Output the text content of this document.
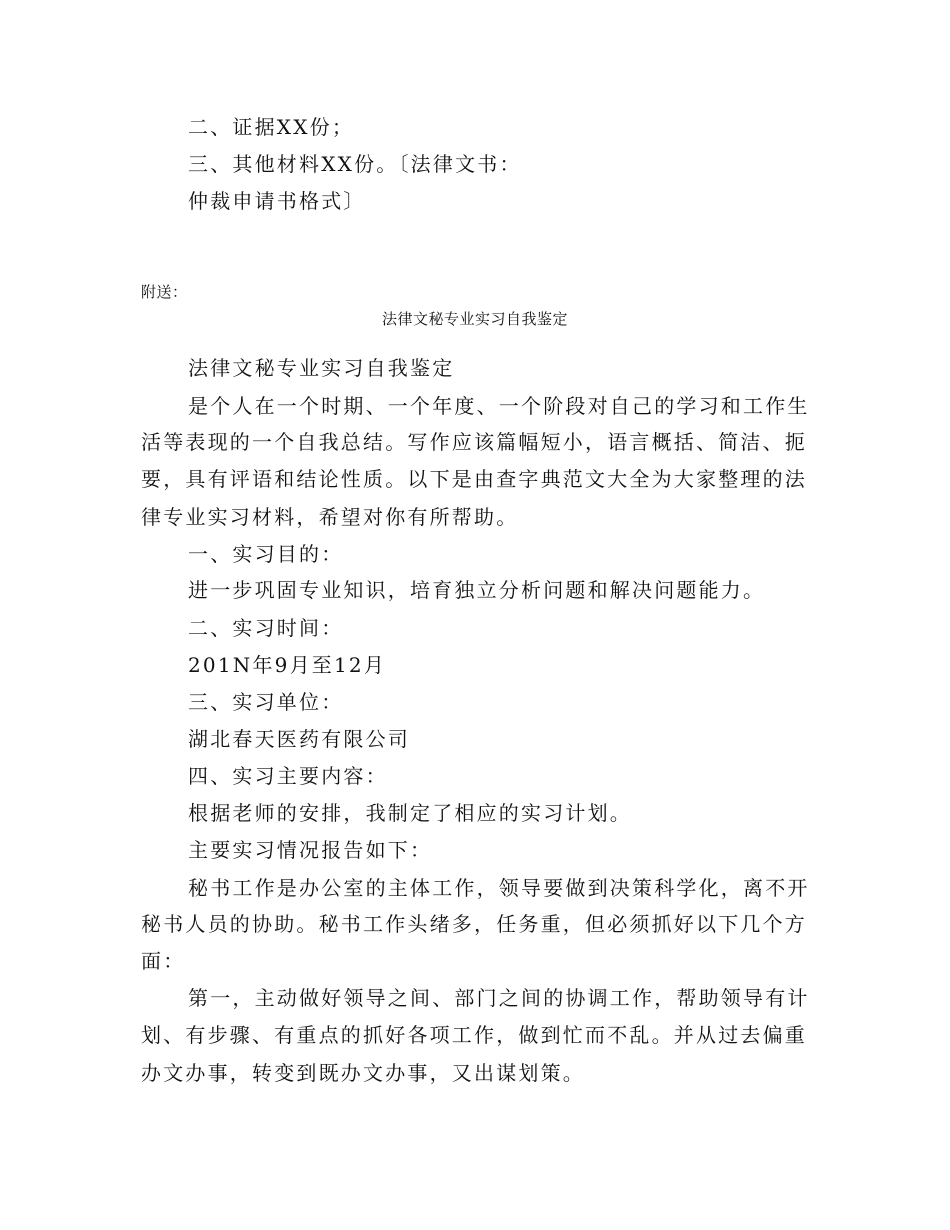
二、证据XX份；
三、其他材料XX份。〔法律文书：
仲裁申请书格式〕
附送：
法律文秘专业实习自我鉴定
法律文秘专业实习自我鉴定
是个人在一个时期、一个年度、一个阶段对自己的学习和工作生
活等表现的一个自我总结。写作应该篇幅短小，语言概括、简洁、扼
要，具有评语和结论性质。以下是由查字典范文大全为大家整理的法
律专业实习材料，希望对你有所帮助。
一、实习目的：
进一步巩固专业知识，培育独立分析问题和解决问题能力。
二、实习时间：
201N年9月至12月
三、实习单位：
湖北春天医药有限公司
四、实习主要内容：
根据老师的安排，我制定了相应的实习计划。
主要实习情况报告如下：
秘书工作是办公室的主体工作，领导要做到决策科学化，离不开
秘书人员的协助。秘书工作头绪多，任务重，但必须抓好以下几个方
面：
第一，主动做好领导之间、部门之间的协调工作，帮助领导有计
划、有步骤、有重点的抓好各项工作，做到忙而不乱。并从过去偏重
办文办事，转变到既办文办事，又出谋划策。
